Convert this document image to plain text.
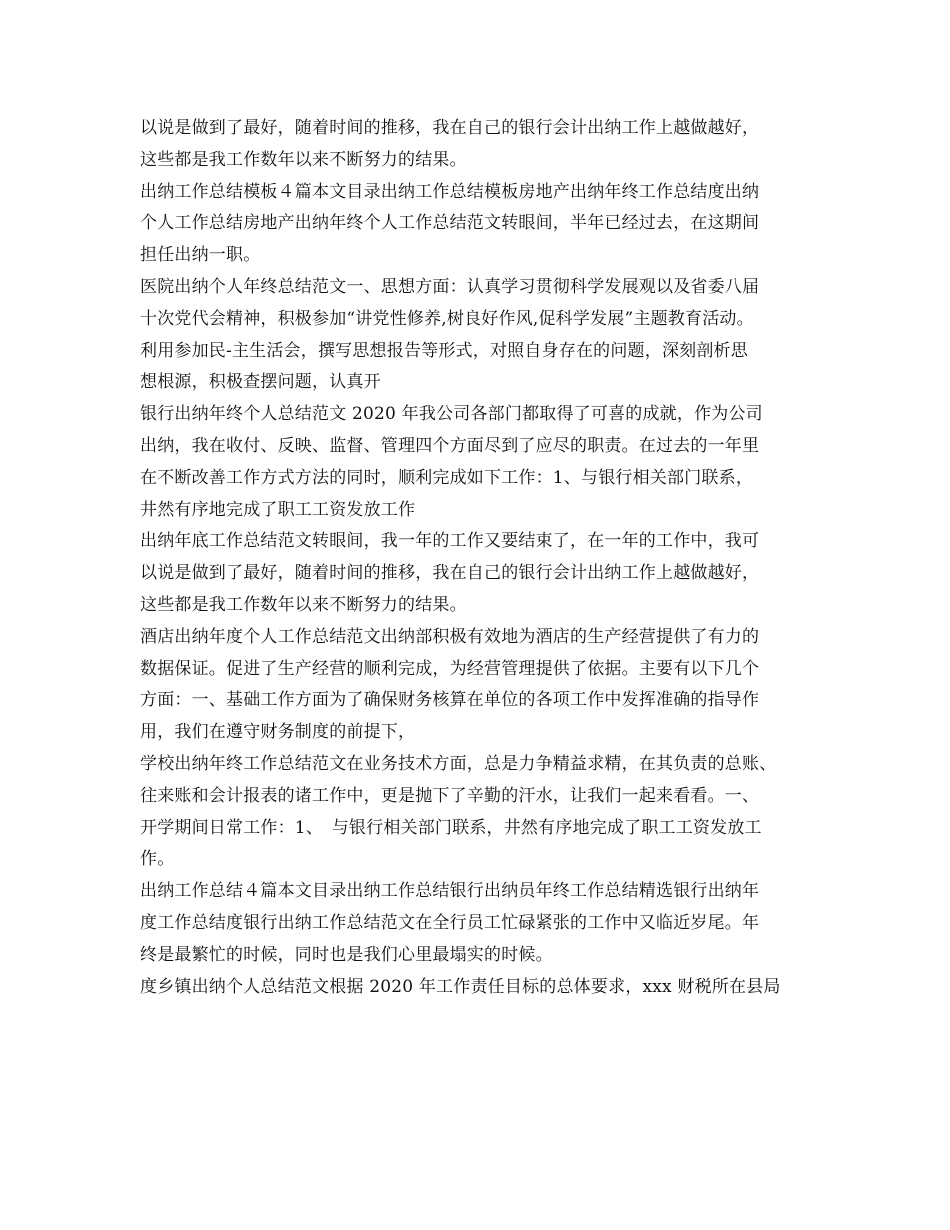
以说是做到了最好，随着时间的推移，我在自己的银行会计出纳工作上越做越好，
这些都是我工作数年以来不断努力的结果。

出纳工作总结模板４篇本文目录出纳工作总结模板房地产出纳年终工作总结度出纳
个人工作总结房地产出纳年终个人工作总结范文转眼间，半年已经过去，在这期间
担任出纳一职。

医院出纳个人年终总结范文一、思想方面：认真学习贯彻科学发展观以及省委八届
十次党代会精神，积极参加“讲党性修养,树良好作风,促科学发展”主题教育活动。
利用参加民-主生活会，撰写思想报告等形式，对照自身存在的问题，深刻剖析思
想根源，积极查摆问题，认真开

银行出纳年终个人总结范文 2020 年我公司各部门都取得了可喜的成就，作为公司
出纳，我在收付、反映、监督、管理四个方面尽到了应尽的职责。在过去的一年里
在不断改善工作方式方法的同时，顺利完成如下工作：1、与银行相关部门联系，
井然有序地完成了职工工资发放工作

出纳年底工作总结范文转眼间，我一年的工作又要结束了，在一年的工作中，我可
以说是做到了最好，随着时间的推移，我在自己的银行会计出纳工作上越做越好，
这些都是我工作数年以来不断努力的结果。

酒店出纳年度个人工作总结范文出纳部积极有效地为酒店的生产经营提供了有力的
数据保证。促进了生产经营的顺利完成，为经营管理提供了依据。主要有以下几个
方面：一、基础工作方面为了确保财务核算在单位的各项工作中发挥准确的指导作
用，我们在遵守财务制度的前提下，

学校出纳年终工作总结范文在业务技术方面，总是力争精益求精，在其负责的总账、
往来账和会计报表的诸工作中，更是抛下了辛勤的汗水，让我们一起来看看。一、
开学期间日常工作：1、　与银行相关部门联系，井然有序地完成了职工工资发放工
作。

出纳工作总结４篇本文目录出纳工作总结银行出纳员年终工作总结精选银行出纳年
度工作总结度银行出纳工作总结范文在全行员工忙碌紧张的工作中又临近岁尾。年
终是最繁忙的时候，同时也是我们心里最塌实的时候。

度乡镇出纳个人总结范文根据 2020 年工作责任目标的总体要求，xxx 财税所在县局
